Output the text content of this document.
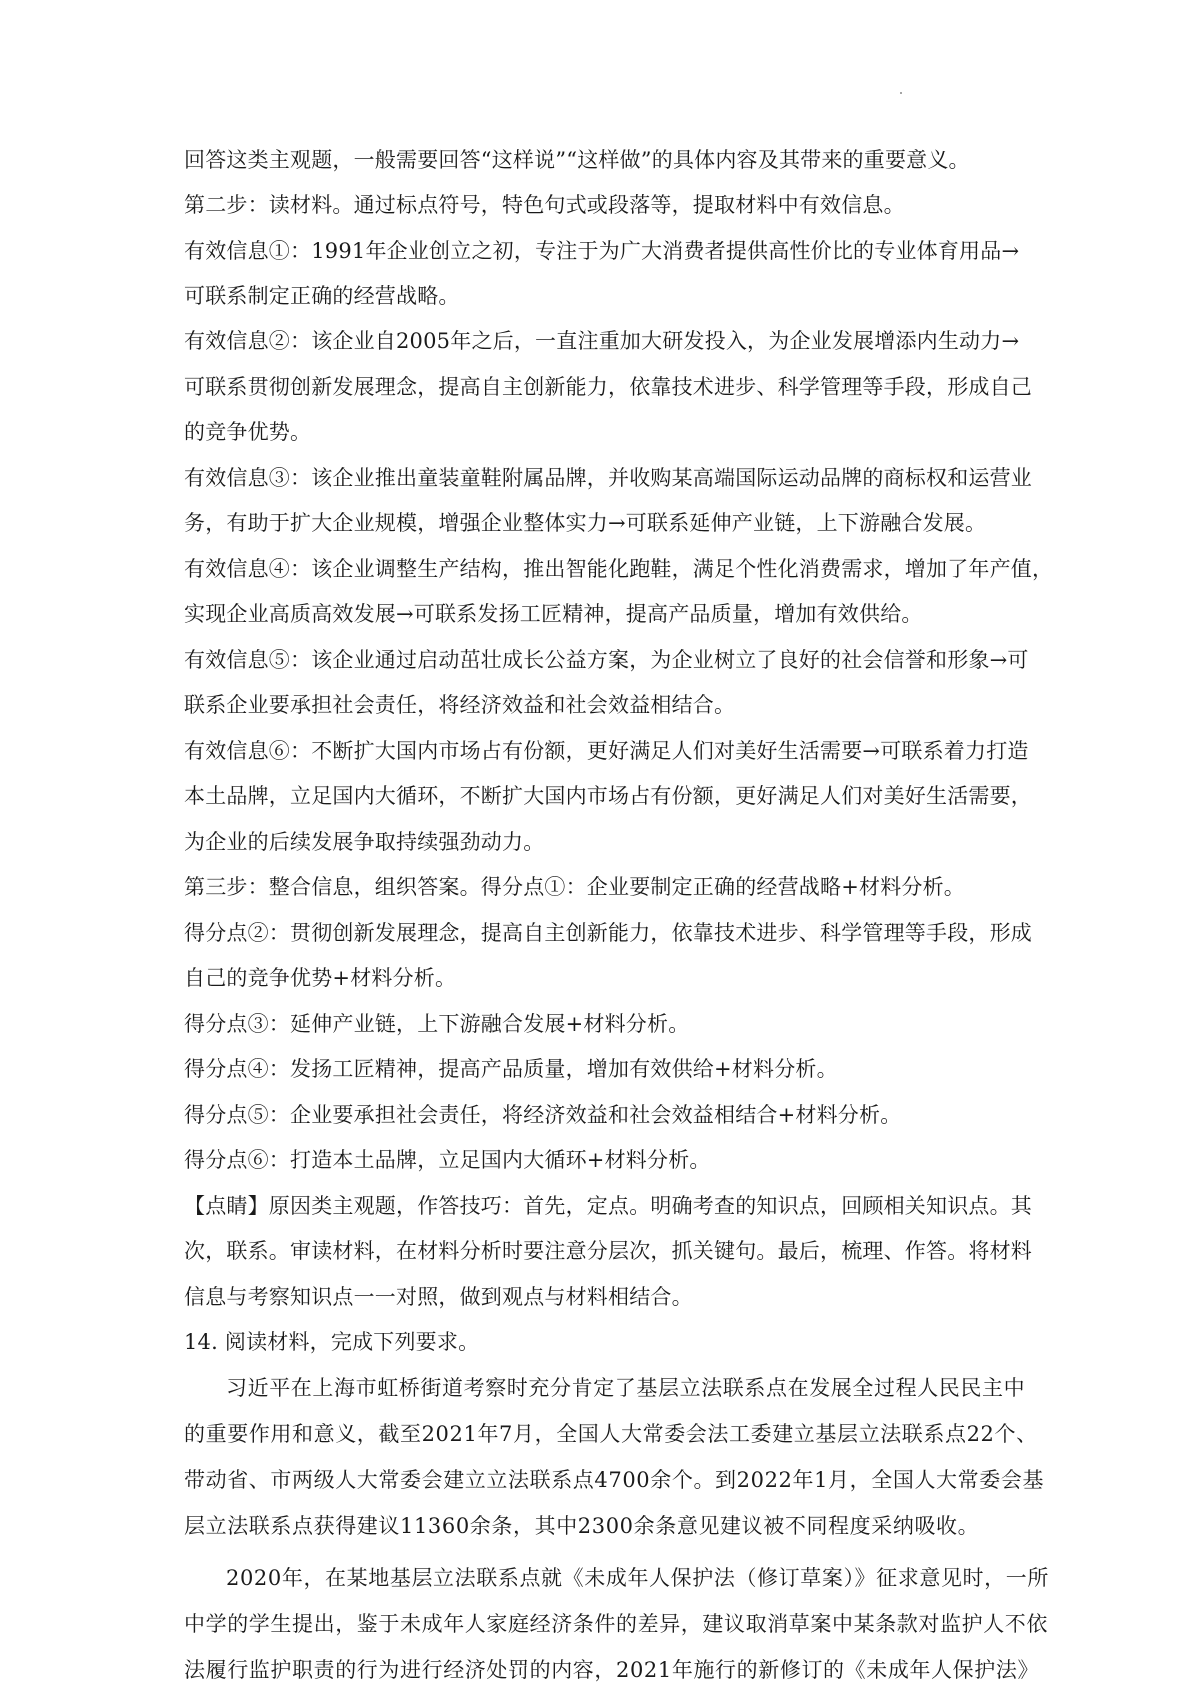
回答这类主观题，一般需要回答“这样说”“这样做”的具体内容及其带来的重要意义。
第二步：读材料。通过标点符号，特色句式或段落等，提取材料中有效信息。
有效信息①：1991年企业创立之初，专注于为广大消费者提供高性价比的专业体育用品→
可联系制定正确的经营战略。
有效信息②：该企业自2005年之后，一直注重加大研发投入，为企业发展增添内生动力→
可联系贯彻创新发展理念，提高自主创新能力，依靠技术进步、科学管理等手段，形成自己
的竞争优势。
有效信息③：该企业推出童装童鞋附属品牌，并收购某高端国际运动品牌的商标权和运营业
务，有助于扩大企业规模，增强企业整体实力→可联系延伸产业链，上下游融合发展。
有效信息④：该企业调整生产结构，推出智能化跑鞋，满足个性化消费需求，增加了年产值，
实现企业高质高效发展→可联系发扬工匠精神，提高产品质量，增加有效供给。
有效信息⑤：该企业通过启动茁壮成长公益方案，为企业树立了良好的社会信誉和形象→可
联系企业要承担社会责任，将经济效益和社会效益相结合。
有效信息⑥：不断扩大国内市场占有份额，更好满足人们对美好生活需要→可联系着力打造
本土品牌，立足国内大循环，不断扩大国内市场占有份额，更好满足人们对美好生活需要，
为企业的后续发展争取持续强劲动力。
第三步：整合信息，组织答案。得分点①：企业要制定正确的经营战略+材料分析。
得分点②：贯彻创新发展理念，提高自主创新能力，依靠技术进步、科学管理等手段，形成
自己的竞争优势+材料分析。
得分点③：延伸产业链，上下游融合发展+材料分析。
得分点④：发扬工匠精神，提高产品质量，增加有效供给+材料分析。
得分点⑤：企业要承担社会责任，将经济效益和社会效益相结合+材料分析。
得分点⑥：打造本土品牌，立足国内大循环+材料分析。
【点睛】原因类主观题，作答技巧：首先，定点。明确考查的知识点，回顾相关知识点。其
次，联系。审读材料，在材料分析时要注意分层次，抓关键句。最后，梳理、作答。将材料
信息与考察知识点一一对照，做到观点与材料相结合。
14. 阅读材料，完成下列要求。
习近平在上海市虹桥街道考察时充分肯定了基层立法联系点在发展全过程人民民主中
的重要作用和意义，截至2021年7月，全国人大常委会法工委建立基层立法联系点22个、
带动省、市两级人大常委会建立立法联系点4700余个。到2022年1月，全国人大常委会基
层立法联系点获得建议11360余条，其中2300余条意见建议被不同程度采纳吸收。
2020年，在某地基层立法联系点就《未成年人保护法（修订草案）》征求意见时，一所
中学的学生提出，鉴于未成年人家庭经济条件的差异，建议取消草案中某条款对监护人不依
法履行监护职责的行为进行经济处罚的内容，2021年施行的新修订的《未成年人保护法》
